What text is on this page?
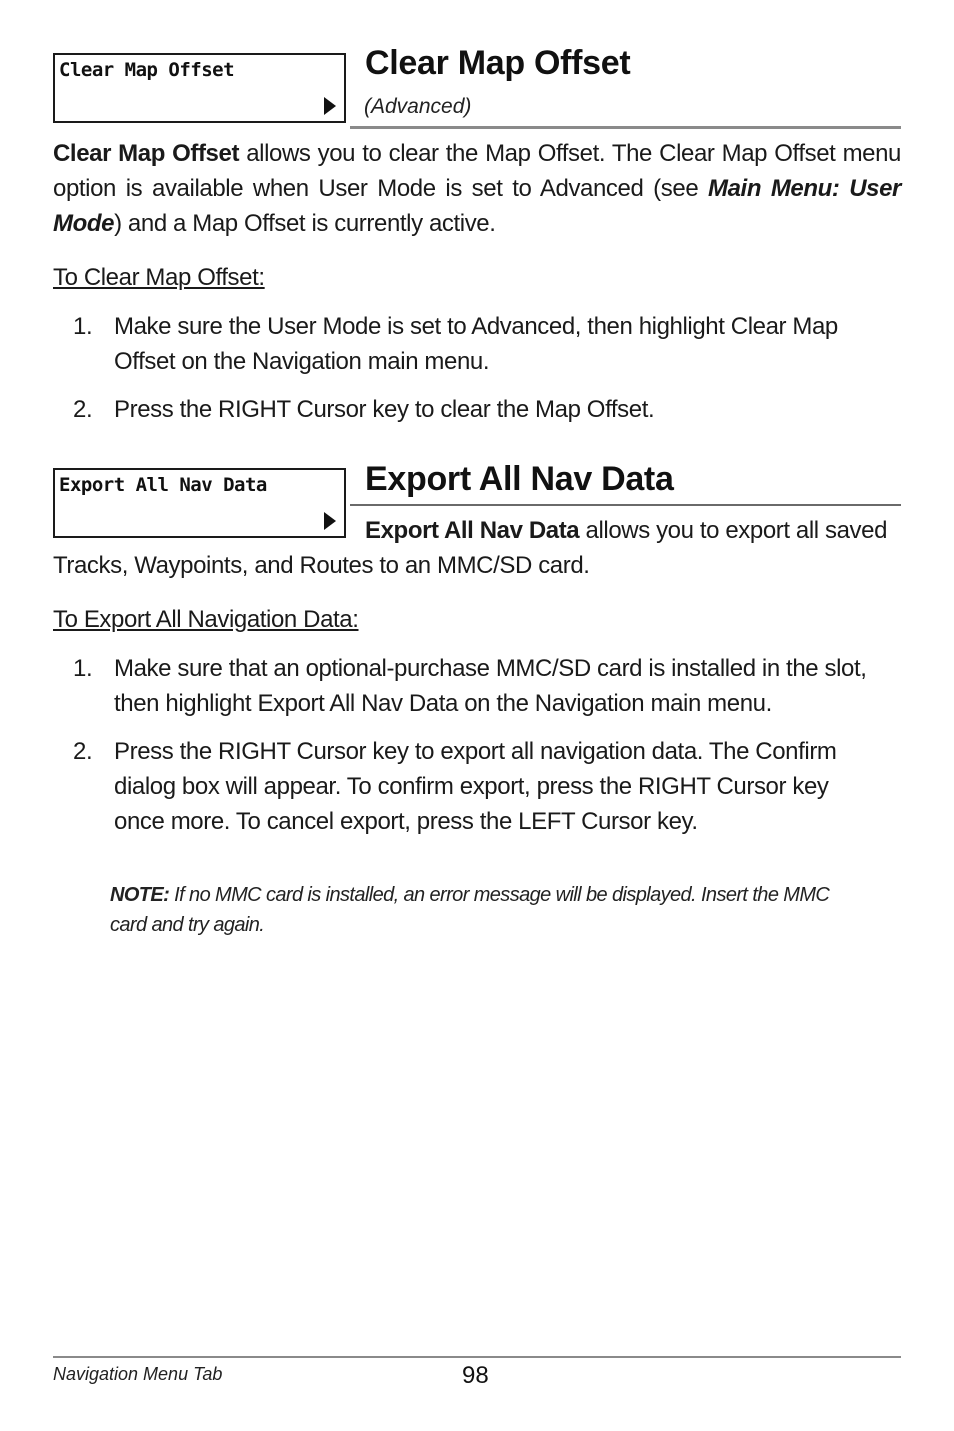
Clear Map Offset	Clear Map Offset
(Advanced)
Clear Map Offset allows you to clear the Map Offset. The Clear Map Offset menu option is available when User Mode is set to Advanced (see Main Menu: User Mode) and a Map Offset is currently active.
To Clear Map Offset:
1. Make sure the User Mode is set to Advanced, then highlight Clear Map Offset on the Navigation main menu.
2. Press the RIGHT Cursor key to clear the Map Offset.
Export All Nav Data	Export All Nav Data
Export All Nav Data allows you to export all saved
Tracks, Waypoints, and Routes to an MMC/SD card.
To Export All Navigation Data:
1. Make sure that an optional-purchase MMC/SD card is installed in the slot, then highlight Export All Nav Data on the Navigation main menu.
2. Press the RIGHT Cursor key to export all navigation data. The Confirm dialog box will appear. To confirm export, press the RIGHT Cursor key once more. To cancel export, press the LEFT Cursor key.
NOTE: If no MMC card is installed, an error message will be displayed. Insert the MMC card and try again.
Navigation Menu Tab	98
